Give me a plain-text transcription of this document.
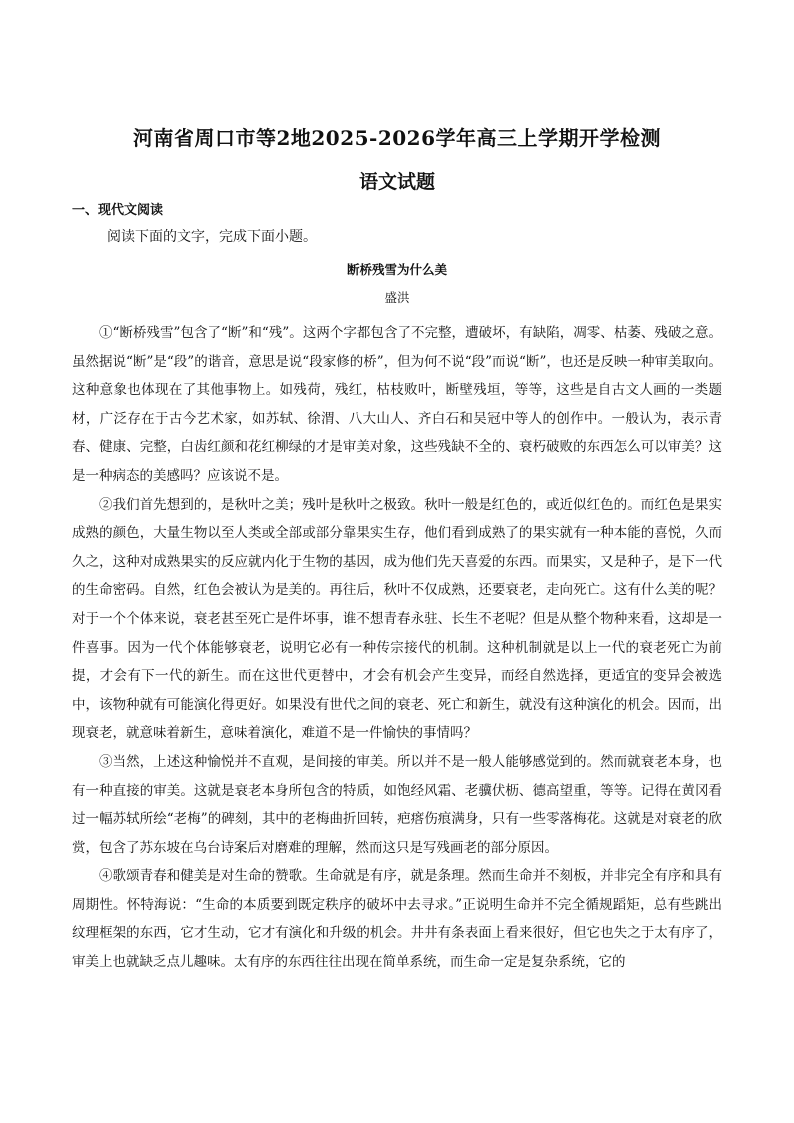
河南省周口市等2地2025-2026学年高三上学期开学检测
语文试题
一、现代文阅读
阅读下面的文字，完成下面小题。
断桥残雪为什么美
盛洪

①“断桥残雪”包含了“断”和“残”。这两个字都包含了不完整，遭破坏，有缺陷，凋零、枯萎、残破之意。虽然据说“断”是“段”的谐音，意思是说“段家修的桥”，但为何不说“段”而说“断”，也还是反映一种审美取向。这种意象也体现在了其他事物上。如残荷，残红，枯枝败叶，断壁残垣，等等，这些是自古文人画的一类题材，广泛存在于古今艺术家，如苏轼、徐渭、八大山人、齐白石和吴冠中等人的创作中。一般认为，表示青春、健康、完整，白齿红颜和花红柳绿的才是审美对象，这些残缺不全的、衰朽破败的东西怎么可以审美？这是一种病态的美感吗？应该说不是。

②我们首先想到的，是秋叶之美；残叶是秋叶之极致。秋叶一般是红色的，或近似红色的。而红色是果实成熟的颜色，大量生物以至人类或全部或部分靠果实生存，他们看到成熟了的果实就有一种本能的喜悦，久而久之，这种对成熟果实的反应就内化于生物的基因，成为他们先天喜爱的东西。而果实，又是种子，是下一代的生命密码。自然，红色会被认为是美的。再往后，秋叶不仅成熟，还要衰老，走向死亡。这有什么美的呢？对于一个个体来说，衰老甚至死亡是件坏事，谁不想青春永驻、长生不老呢？但是从整个物种来看，这却是一件喜事。因为一代个体能够衰老，说明它必有一种传宗接代的机制。这种机制就是以上一代的衰老死亡为前提，才会有下一代的新生。而在这世代更替中，才会有机会产生变异，而经自然选择，更适宜的变异会被选中，该物种就有可能演化得更好。如果没有世代之间的衰老、死亡和新生，就没有这种演化的机会。因而，出现衰老，就意味着新生，意味着演化，难道不是一件愉快的事情吗？

③当然，上述这种愉悦并不直观，是间接的审美。所以并不是一般人能够感觉到的。然而就衰老本身，也有一种直接的审美。这就是衰老本身所包含的特质，如饱经风霜、老骥伏枥、德高望重，等等。记得在黄冈看过一幅苏轼所绘“老梅”的碑刻，其中的老梅曲折回转，疤瘩伤痕满身，只有一些零落梅花。这就是对衰老的欣赏，包含了苏东坡在乌台诗案后对磨难的理解，然而这只是写残画老的部分原因。

④歌颂青春和健美是对生命的赞歌。生命就是有序，就是条理。然而生命并不刻板，并非完全有序和具有周期性。怀特海说：“生命的本质要到既定秩序的破坏中去寻求。”正说明生命并不完全循规蹈矩，总有些跳出纹理框架的东西，它才生动，它才有演化和升级的机会。井井有条表面上看来很好，但它也失之于太有序了，审美上也就缺乏点儿趣味。太有序的东西往往出现在简单系统，而生命一定是复杂系统，它的
